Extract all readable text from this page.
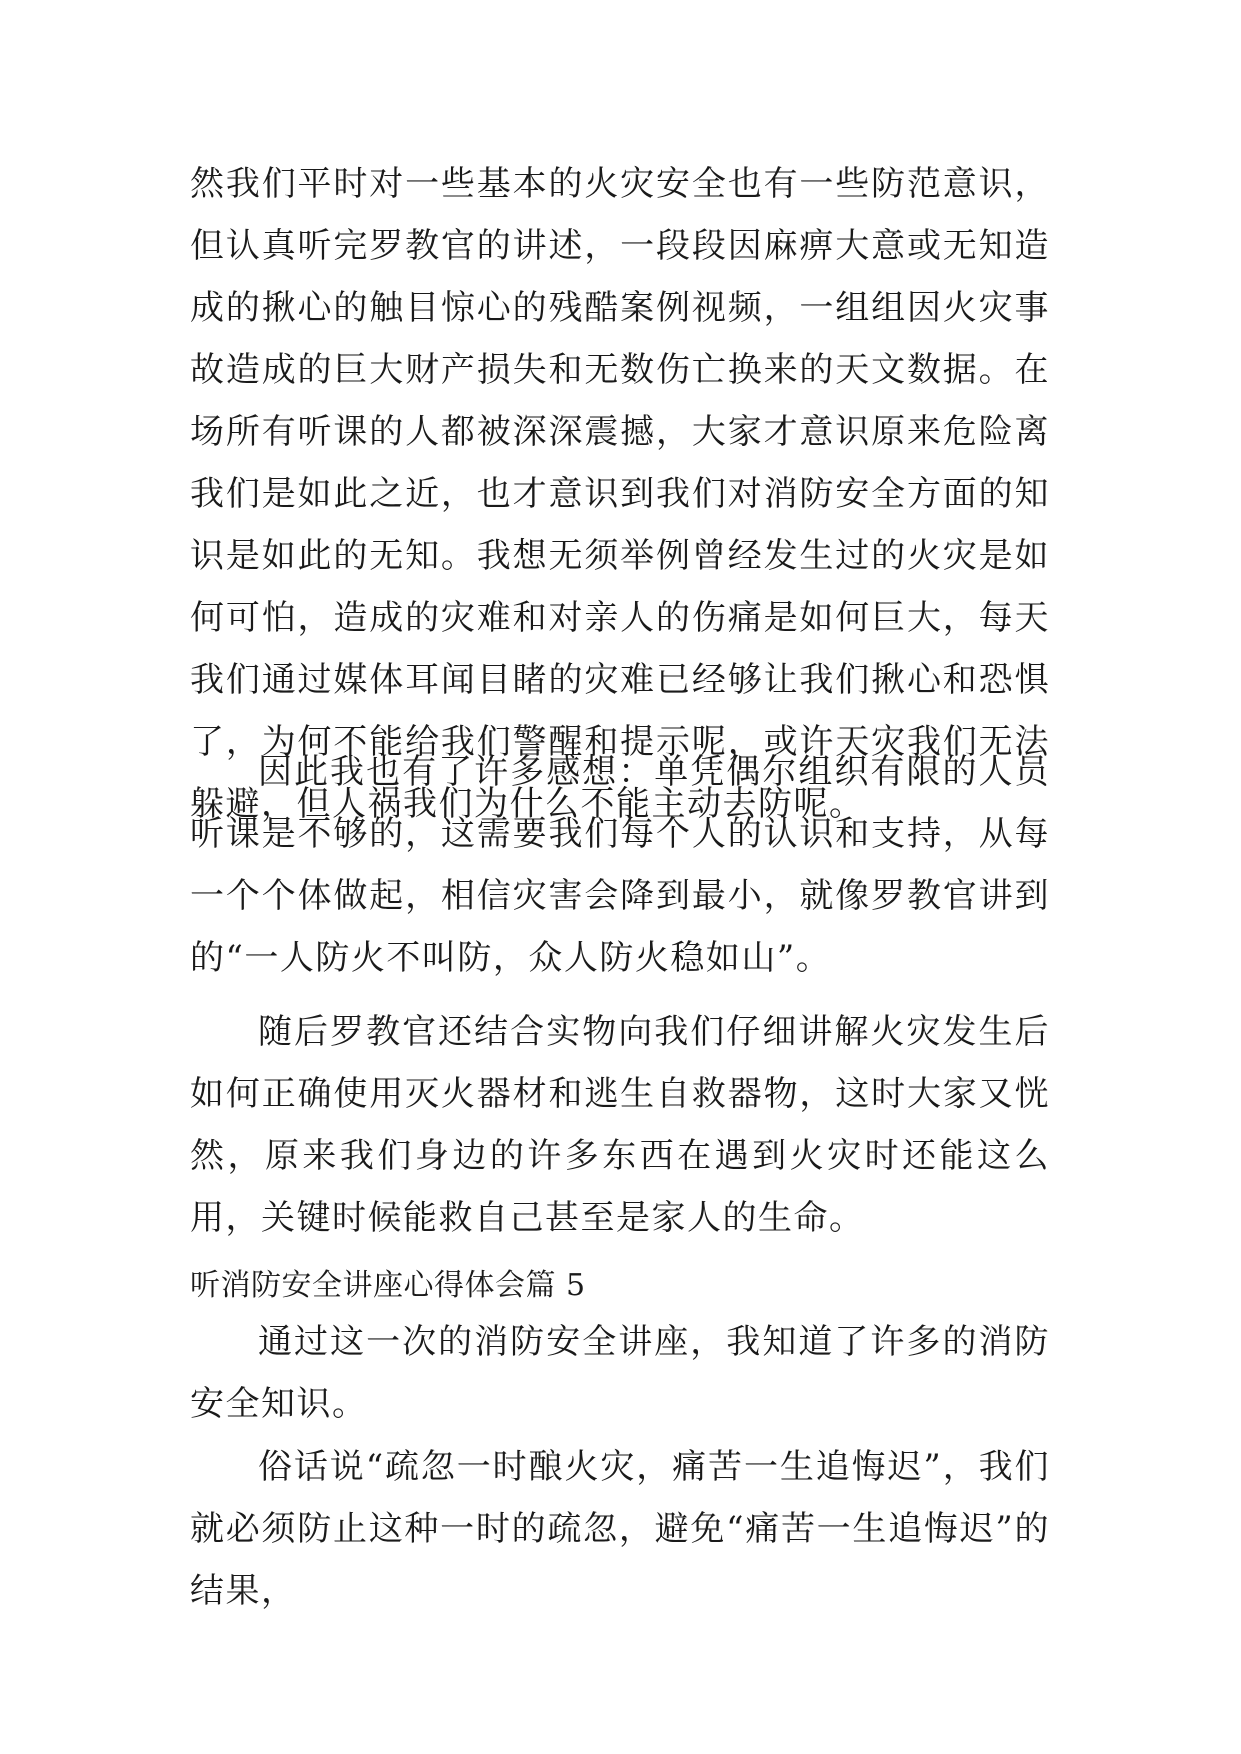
然我们平时对一些基本的火灾安全也有一些防范意识，但认真听完罗教官的讲述，一段段因麻痹大意或无知造成的揪心的触目惊心的残酷案例视频，一组组因火灾事故造成的巨大财产损失和无数伤亡换来的天文数据。在场所有听课的人都被深深震撼，大家才意识原来危险离我们是如此之近，也才意识到我们对消防安全方面的知识是如此的无知。我想无须举例曾经发生过的火灾是如何可怕，造成的灾难和对亲人的伤痛是如何巨大，每天我们通过媒体耳闻目睹的灾难已经够让我们揪心和恐惧了，为何不能给我们警醒和提示呢，或许天灾我们无法躲避，但人祸我们为什么不能主动去防呢。

因此我也有了许多感想：单凭偶尔组织有限的人员听课是不够的，这需要我们每个人的认识和支持，从每一个个体做起，相信灾害会降到最小，就像罗教官讲到的“一人防火不叫防，众人防火稳如山”。

随后罗教官还结合实物向我们仔细讲解火灾发生后如何正确使用灭火器材和逃生自救器物，这时大家又恍然，原来我们身边的许多东西在遇到火灾时还能这么用，关键时候能救自己甚至是家人的生命。

听消防安全讲座心得体会篇 5

通过这一次的消防安全讲座，我知道了许多的消防安全知识。

俗话说“疏忽一时酿火灾，痛苦一生追悔迟”，我们就必须防止这种一时的疏忽，避免“痛苦一生追悔迟”的结果，
